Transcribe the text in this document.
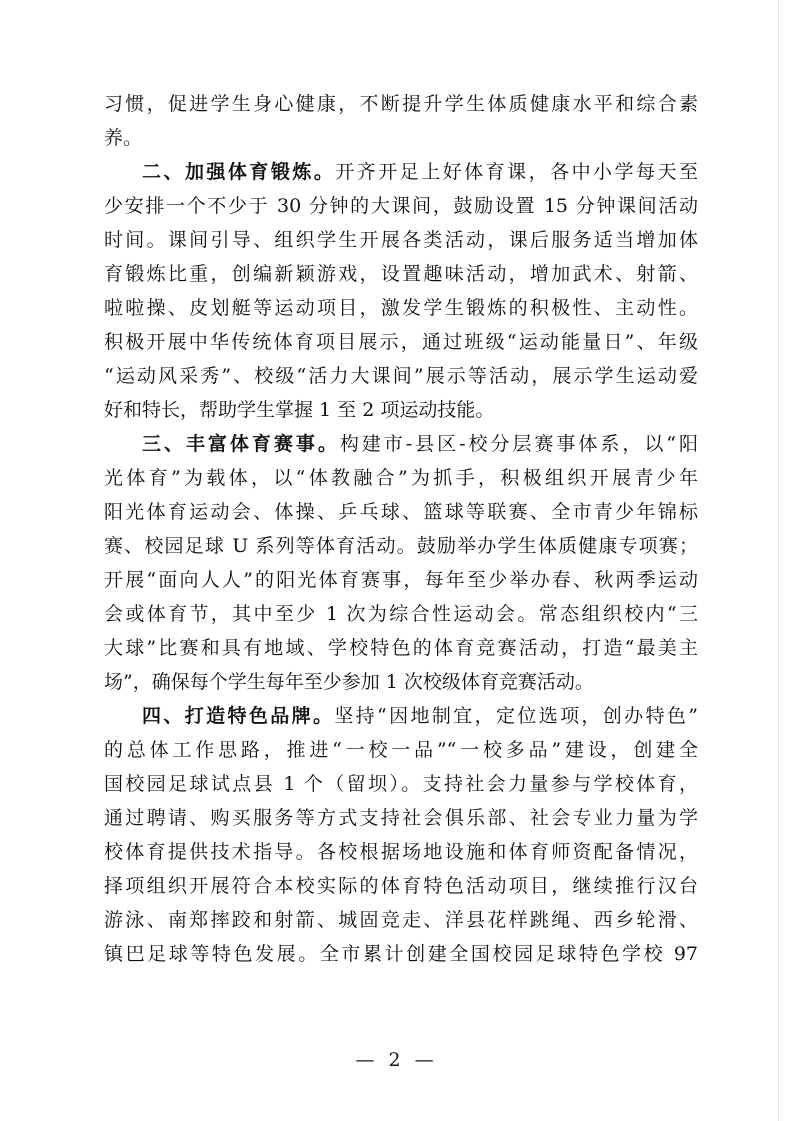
习惯，促进学生身心健康，不断提升学生体质健康水平和综合素
养。
二、加强体育锻炼。开齐开足上好体育课，各中小学每天至
少安排一个不少于 30 分钟的大课间，鼓励设置 15 分钟课间活动
时间。课间引导、组织学生开展各类活动，课后服务适当增加体
育锻炼比重，创编新颖游戏，设置趣味活动，增加武术、射箭、
啦啦操、皮划艇等运动项目，激发学生锻炼的积极性、主动性。
积极开展中华传统体育项目展示，通过班级“运动能量日”、年级
“运动风采秀”、校级“活力大课间”展示等活动，展示学生运动爱
好和特长，帮助学生掌握 1 至 2 项运动技能。
三、丰富体育赛事。构建市-县区-校分层赛事体系，以“阳
光体育”为载体，以“体教融合”为抓手，积极组织开展青少年
阳光体育运动会、体操、乒乓球、篮球等联赛、全市青少年锦标
赛、校园足球 U 系列等体育活动。鼓励举办学生体质健康专项赛；
开展“面向人人”的阳光体育赛事，每年至少举办春、秋两季运动
会或体育节，其中至少 1 次为综合性运动会。常态组织校内“三
大球”比赛和具有地域、学校特色的体育竞赛活动，打造“最美主
场”，确保每个学生每年至少参加 1 次校级体育竞赛活动。
四、打造特色品牌。坚持“因地制宜，定位选项，创办特色”
的总体工作思路，推进“一校一品”“一校多品”建设，创建全
国校园足球试点县 1 个（留坝）。支持社会力量参与学校体育，
通过聘请、购买服务等方式支持社会俱乐部、社会专业力量为学
校体育提供技术指导。各校根据场地设施和体育师资配备情况，
择项组织开展符合本校实际的体育特色活动项目，继续推行汉台
游泳、南郑摔跤和射箭、城固竞走、洋县花样跳绳、西乡轮滑、
镇巴足球等特色发展。全市累计创建全国校园足球特色学校 97
— 2 —
